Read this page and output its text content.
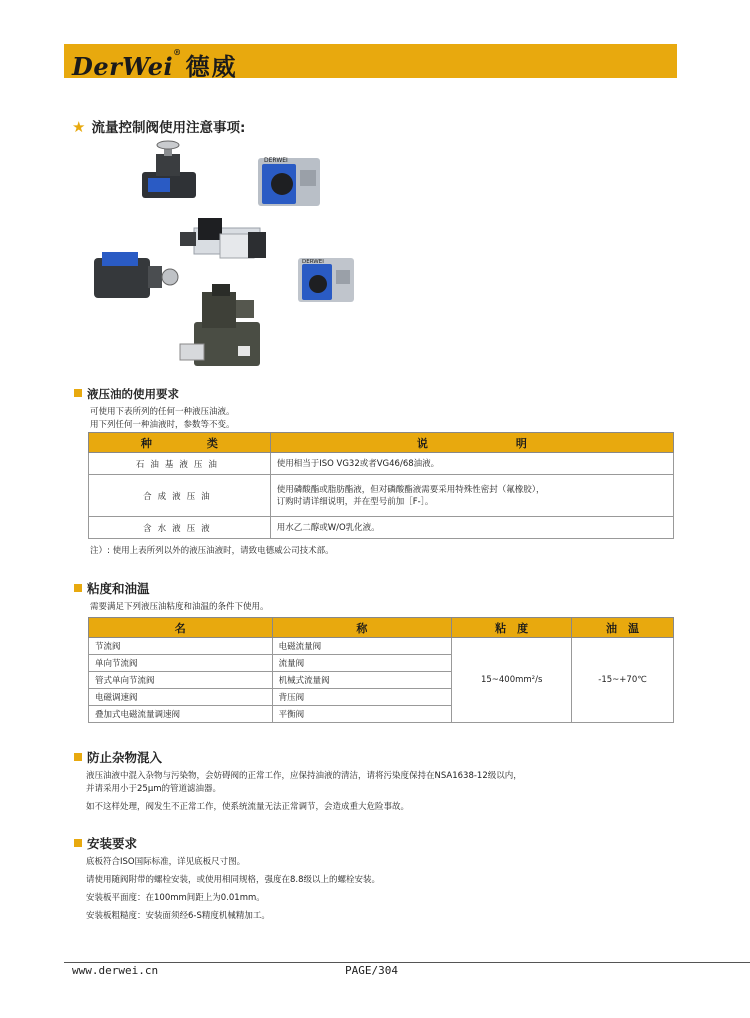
DerWei® 德威
★ 流量控制阀使用注意事项:
DERWEI
DERWEI
液压油的使用要求
可使用下表所列的任何一种液压油液。
用下列任何一种油液时，参数等不变。
种　　　　　类	说　　　　　　　　明
石油基液压油	使用相当于ISO VG32或者VG46/68油液。
合成液压油	使用磷酸酯或脂肪酯液，但对磷酸酯液需要采用特殊性密封（氟橡胶），
订购时请详细说明，并在型号前加［F-］。

含水液压液	用水乙二醇或W/O乳化液。
注）: 使用上表所列以外的液压油液时，请致电德威公司技术部。
粘度和油温
需要满足下列液压油粘度和油温的条件下使用。
名	称	粘　度	油　温
节流阀	电磁流量阀	15~400mm²/s	-15~+70℃
单向节流阀	流量阀		
管式单向节流阀	机械式流量阀		
电磁调速阀	背压阀		
叠加式电磁流量调速阀	平衡阀		
防止杂物混入
液压油液中混入杂物与污染物，会妨碍阀的正常工作，应保持油液的清洁，请将污染度保持在NSA1638-12级以内，
并请采用小于25μm的管道滤油器。
如不这样处理，阀发生不正常工作，使系统流量无法正常调节，会造成重大危险事故。
安装要求
底板符合ISO国际标准，详见底板尺寸图。
请使用随阀附带的螺栓安装，或使用相同规格，强度在8.8级以上的螺栓安装。
安装板平面度：在100mm间距上为0.01mm。
安装板粗糙度：安装面须经6-S精度机械精加工。
www.derwei.cn	PAGE/304
